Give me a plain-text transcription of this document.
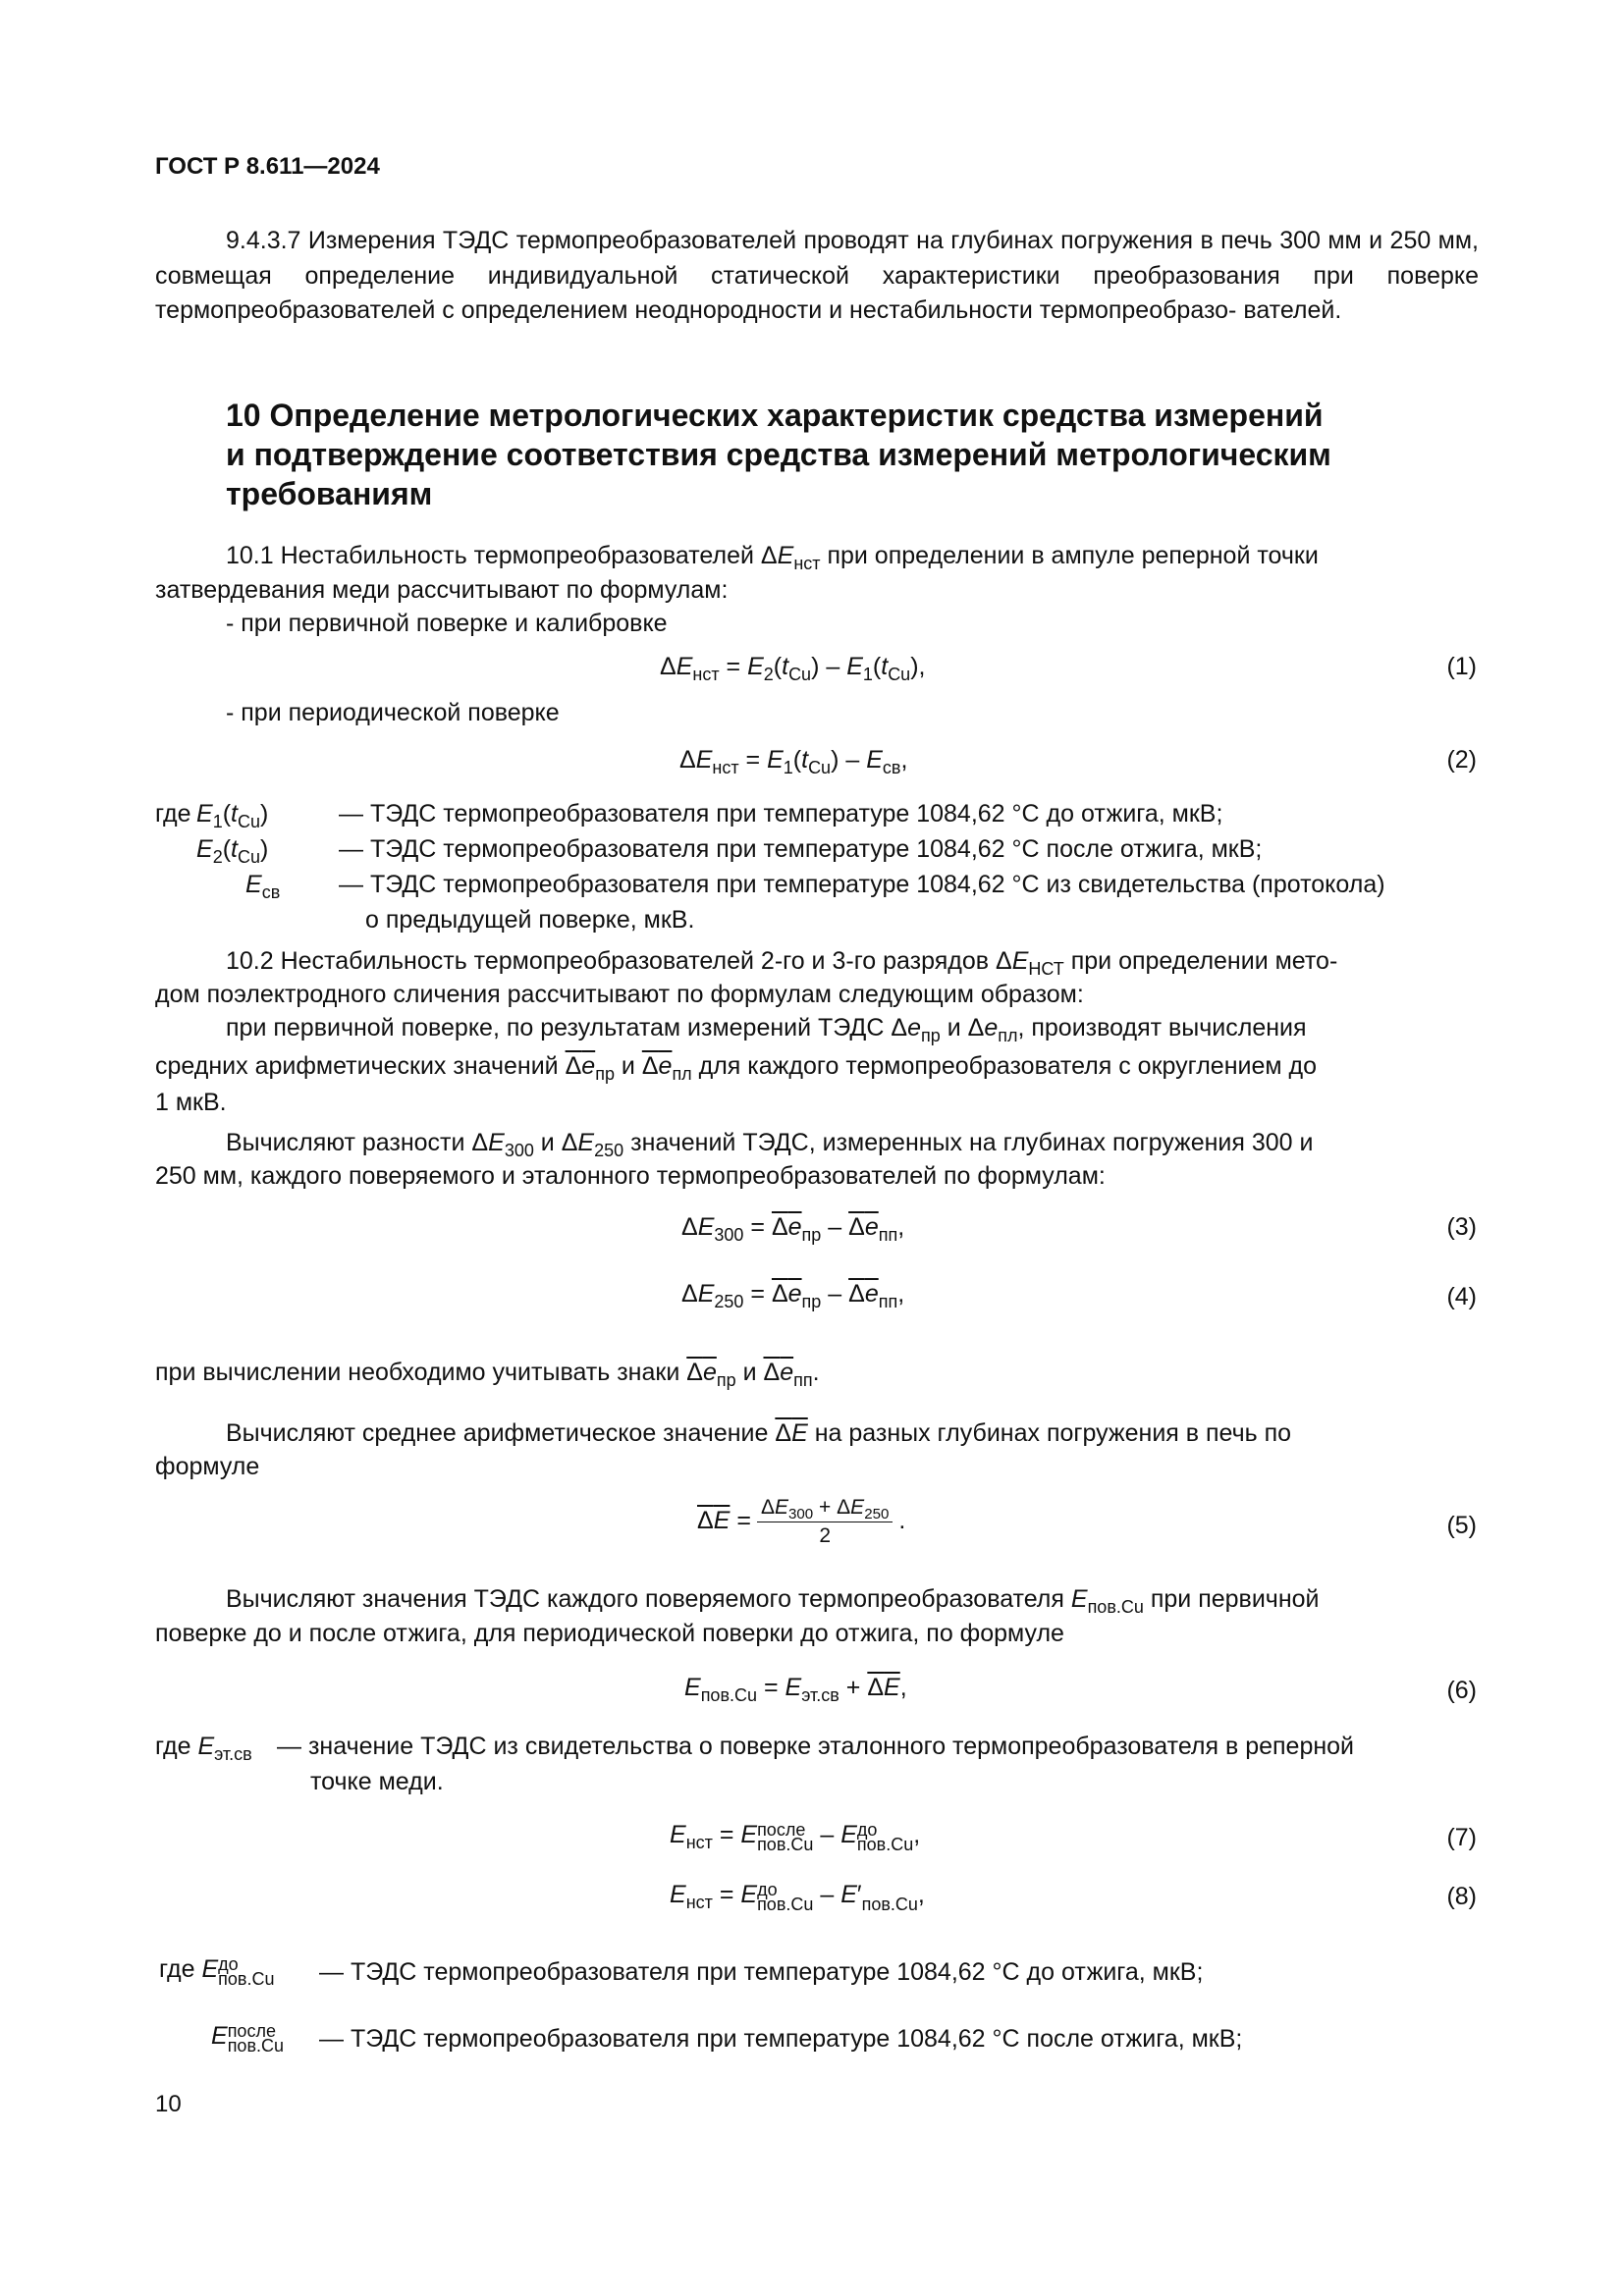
ГОСТ Р 8.611—2024
9.4.3.7 Измерения ТЭДС термопреобразователей проводят на глубинах погружения в печь 300 мм и 250 мм, совмещая определение индивидуальной статической характеристики преобразования при поверке термопреобразователей с определением неоднородности и нестабильности термопреобразо- вателей.
10 Определение метрологических характеристик средства измерений
и подтверждение соответствия средства измерений метрологическим
требованиям
10.1 Нестабильность термопреобразователей $\Delta E_{нст}$ при определении в ампуле реперной точки
затвердевания меди рассчитывают по формулам:
- при первичной поверке и калибровке
$\Delta E_{нст} = E_2(t_{Cu}) - E_1(t_{Cu})$,	(1)
- при периодической поверке
$\Delta E_{нст} = E_1(t_{Cu}) - E_{св}$,	(2)
где $E_1(t_{Cu})$	— ТЭДС термопреобразователя при температуре 1084,62 °С до отжига, мкВ;
$E_2(t_{Cu})$	— ТЭДС термопреобразователя при температуре 1084,62 °С после отжига, мкВ;
$E_{св}$ — ТЭДС термопреобразователя при температуре 1084,62 °С из свидетельства (протокола)
о предыдущей поверке, мкВ.
10.2 Нестабильность термопреобразователей 2-го и 3-го разрядов $\Delta E_{НСТ}$ при определении мето-
дом поэлектродного сличения рассчитывают по формулам следующим образом:
при первичной поверке, по результатам измерений ТЭДС $\Delta e_{пр}$ и $\Delta e_{пл}$, производят вычисления
средних арифметических значений $\Delta e_{пр}$ и $\Delta e_{пл}$ для каждого термопреобразователя с округлением до
1 мкВ.
Вычисляют разности $\Delta E_{300}$ и $\Delta E_{250}$ значений ТЭДС, измеренных на глубинах погружения 300 и
250 мм, каждого поверяемого и эталонного термопреобразователей по формулам:
$\Delta E_{300} = \Delta e_{пр} - \Delta e_{пп}$,	(3)
$\Delta E_{250} = \Delta e_{пр} - \Delta e_{пп}$,	(4)
при вычислении необходимо учитывать знаки $\Delta e_{пр}$ и $\Delta e_{пп}$.
Вычисляют среднее арифметическое значение ΔE на разных глубинах погружения в печь по
формуле
$\Delta E = \frac{\Delta E_{300} + \Delta E_{250}}{2}$ .	(5)
Вычисляют значения ТЭДС каждого поверяемого термопреобразователя $E_{пов.Cu}$ при первичной
поверке до и после отжига, для периодической поверки до отжига, по формуле
$E_{пов.Cu} = E_{эт.св} + \Delta E$,	(6)
где $E_{эт.св}$ — значение ТЭДС из свидетельства о поверке эталонного термопреобразователя в реперной
точке меди.
$E_{нст} = E$ после
пов.Cu – E до
пов.Cu ,	(7)
$E_{нст} = E$ до
пов.Cu – E′
пов.Cu ,	(8)
где E до
пов.Cu — ТЭДС термопреобразователя при температуре 1084,62 °С до отжига, мкВ;
E после
пов.Cu — ТЭДС термопреобразователя при температуре 1084,62 °С после отжига, мкВ;
10
